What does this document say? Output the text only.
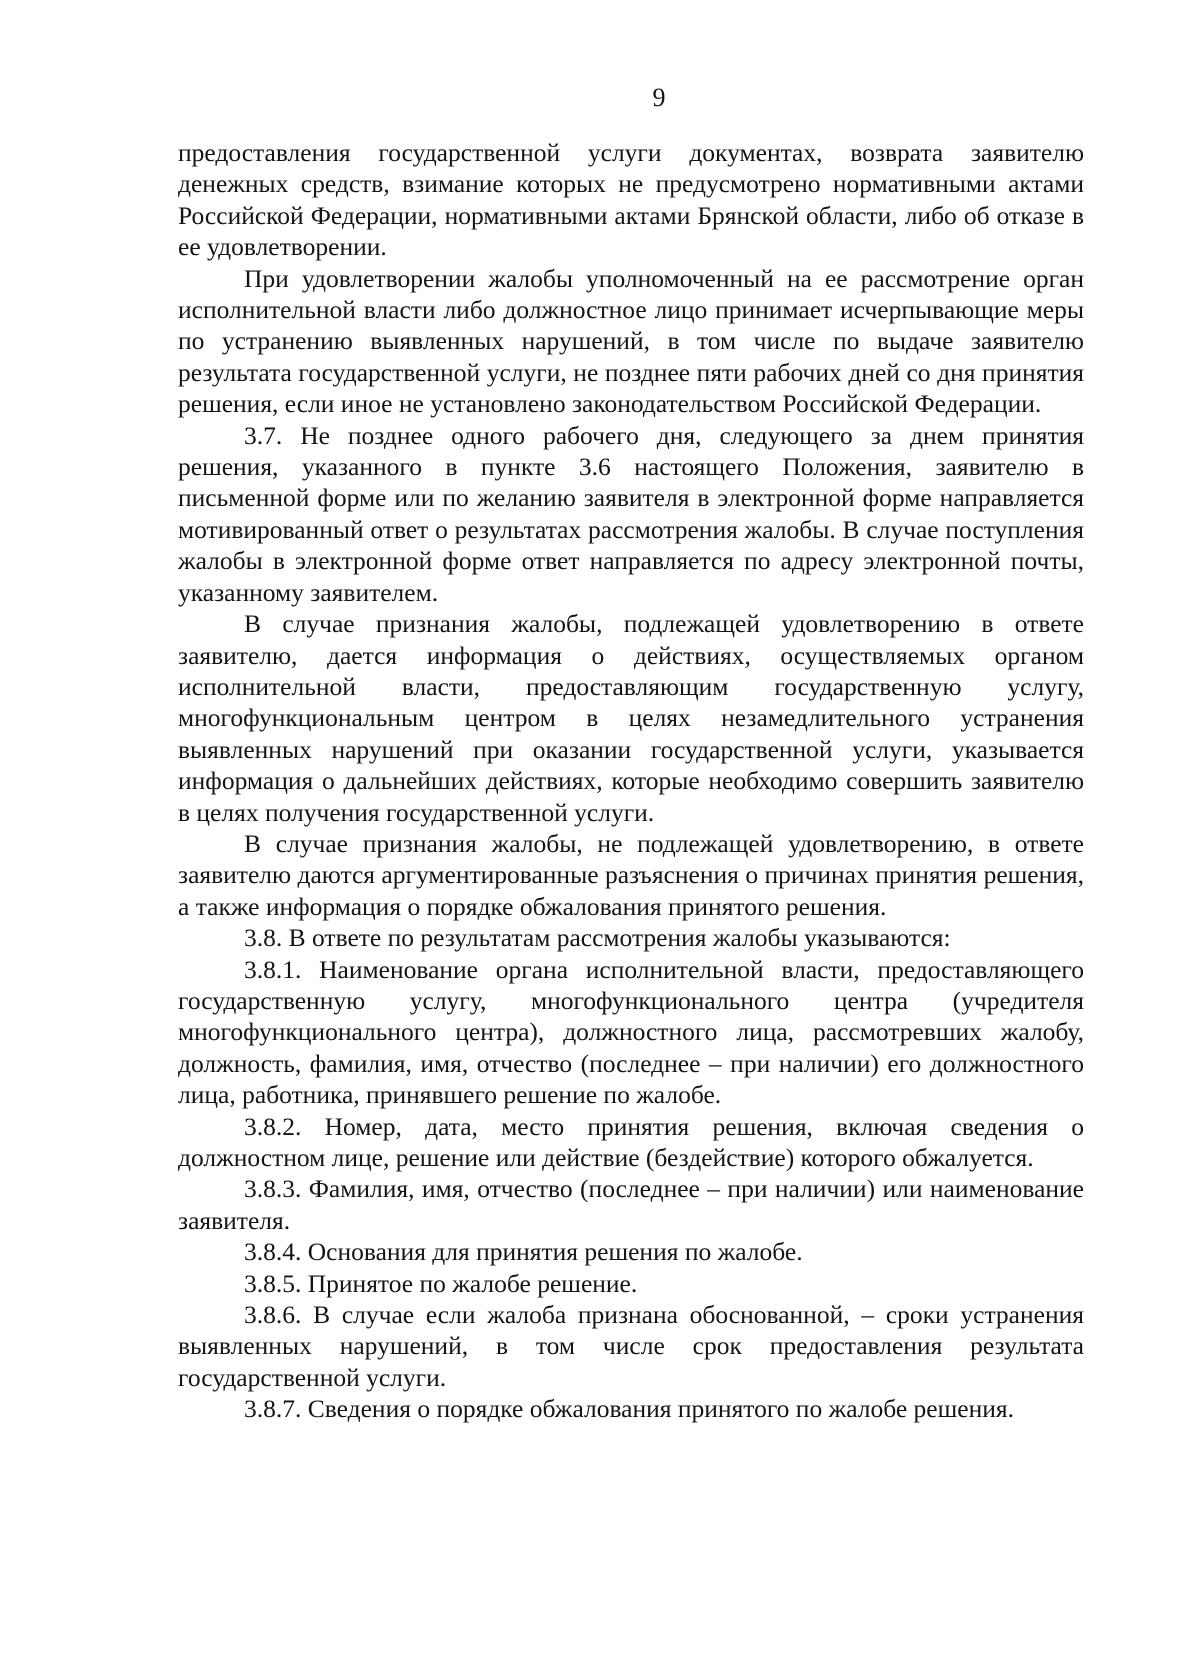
9

предоставления государственной услуги документах, возврата заявителю денежных средств, взимание которых не предусмотрено нормативными актами Российской Федерации, нормативными актами Брянской области, либо об отказе в ее удовлетворении.

При удовлетворении жалобы уполномоченный на ее рассмотрение орган исполнительной власти либо должностное лицо принимает исчерпывающие меры по устранению выявленных нарушений, в том числе по выдаче заявителю результата государственной услуги, не позднее пяти рабочих дней со дня принятия решения, если иное не установлено законодательством Российской Федерации.

3.7. Не позднее одного рабочего дня, следующего за днем принятия решения, указанного в пункте 3.6 настоящего Положения, заявителю в письменной форме или по желанию заявителя в электронной форме направляется мотивированный ответ о результатах рассмотрения жалобы. В случае поступления жалобы в электронной форме ответ направляется по адресу электронной почты, указанному заявителем.

В случае признания жалобы, подлежащей удовлетворению в ответе заявителю, дается информация о действиях, осуществляемых органом исполнительной власти, предоставляющим государственную услугу, многофункциональным центром в целях незамедлительного устранения выявленных нарушений при оказании государственной услуги, указывается информация о дальнейших действиях, которые необходимо совершить заявителю в целях получения государственной услуги.

В случае признания жалобы, не подлежащей удовлетворению, в ответе заявителю даются аргументированные разъяснения о причинах принятия решения, а также информация о порядке обжалования принятого решения.

3.8. В ответе по результатам рассмотрения жалобы указываются:

3.8.1. Наименование органа исполнительной власти, предоставляющего государственную услугу, многофункционального центра (учредителя многофункционального центра), должностного лица, рассмотревших жалобу, должность, фамилия, имя, отчество (последнее – при наличии) его должностного лица, работника, принявшего решение по жалобе.

3.8.2. Номер, дата, место принятия решения, включая сведения о должностном лице, решение или действие (бездействие) которого обжалуется.

3.8.3. Фамилия, имя, отчество (последнее – при наличии) или наименование заявителя.

3.8.4. Основания для принятия решения по жалобе.

3.8.5. Принятое по жалобе решение.

3.8.6. В случае если жалоба признана обоснованной, – сроки устранения выявленных нарушений, в том числе срок предоставления результата государственной услуги.

3.8.7. Сведения о порядке обжалования принятого по жалобе решения.
